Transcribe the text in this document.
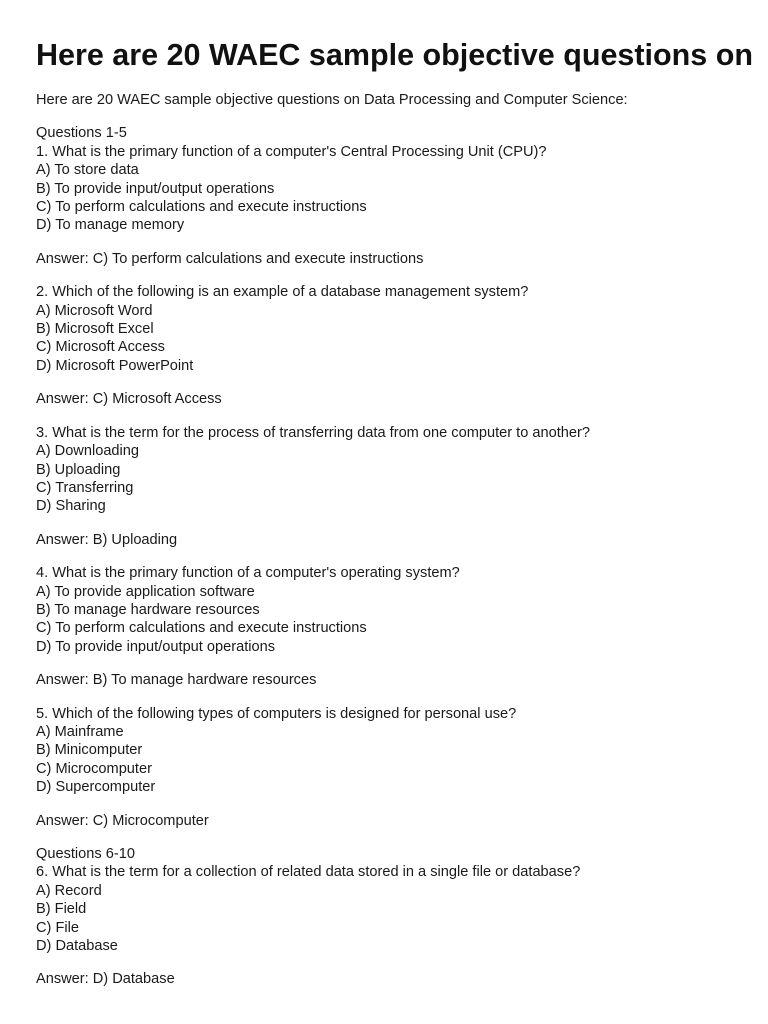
Here are 20 WAEC sample objective questions on
Here are 20 WAEC sample objective questions on Data Processing and Computer Science:
Questions 1-5
1. What is the primary function of a computer's Central Processing Unit (CPU)?
A) To store data
B) To provide input/output operations
C) To perform calculations and execute instructions
D) To manage memory
Answer: C) To perform calculations and execute instructions
2. Which of the following is an example of a database management system?
A) Microsoft Word
B) Microsoft Excel
C) Microsoft Access
D) Microsoft PowerPoint
Answer: C) Microsoft Access
3. What is the term for the process of transferring data from one computer to another?
A) Downloading
B) Uploading
C) Transferring
D) Sharing
Answer: B) Uploading
4. What is the primary function of a computer's operating system?
A) To provide application software
B) To manage hardware resources
C) To perform calculations and execute instructions
D) To provide input/output operations
Answer: B) To manage hardware resources
5. Which of the following types of computers is designed for personal use?
A) Mainframe
B) Minicomputer
C) Microcomputer
D) Supercomputer
Answer: C) Microcomputer
Questions 6-10
6. What is the term for a collection of related data stored in a single file or database?
A) Record
B) Field
C) File
D) Database
Answer: D) Database
